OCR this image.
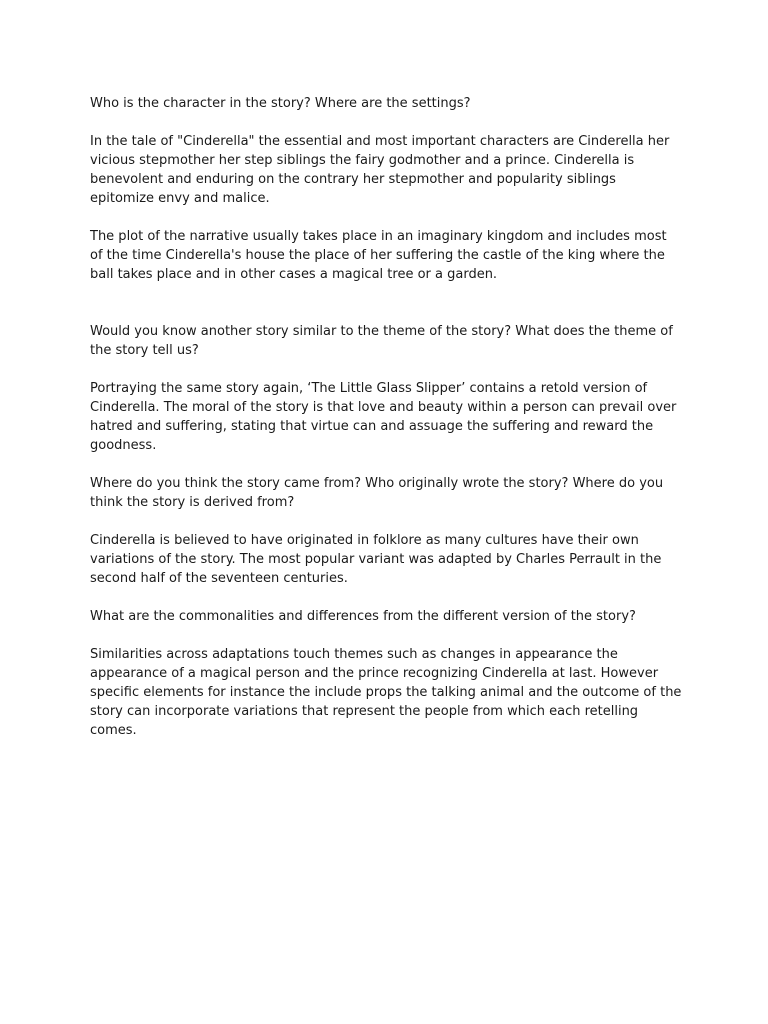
Who is the character in the story? Where are the settings?

In the tale of "Cinderella" the essential and most important characters are Cinderella her vicious stepmother her step siblings the fairy godmother and a prince. Cinderella is benevolent and enduring on the contrary her stepmother and popularity siblings epitomize envy and malice.

The plot of the narrative usually takes place in an imaginary kingdom and includes most of the time Cinderella's house the place of her suffering the castle of the king where the ball takes place and in other cases a magical tree or a garden.

Would you know another story similar to the theme of the story? What does the theme of the story tell us?

Portraying the same story again, ‘The Little Glass Slipper’ contains a retold version of Cinderella. The moral of the story is that love and beauty within a person can prevail over hatred and suffering, stating that virtue can and assuage the suffering and reward the goodness.

Where do you think the story came from? Who originally wrote the story? Where do you think the story is derived from?

Cinderella is believed to have originated in folklore as many cultures have their own variations of the story. The most popular variant was adapted by Charles Perrault in the second half of the seventeen centuries.

What are the commonalities and differences from the different version of the story?

Similarities across adaptations touch themes such as changes in appearance the appearance of a magical person and the prince recognizing Cinderella at last. However specific elements for instance the include props the talking animal and the outcome of the story can incorporate variations that represent the people from which each retelling comes.
